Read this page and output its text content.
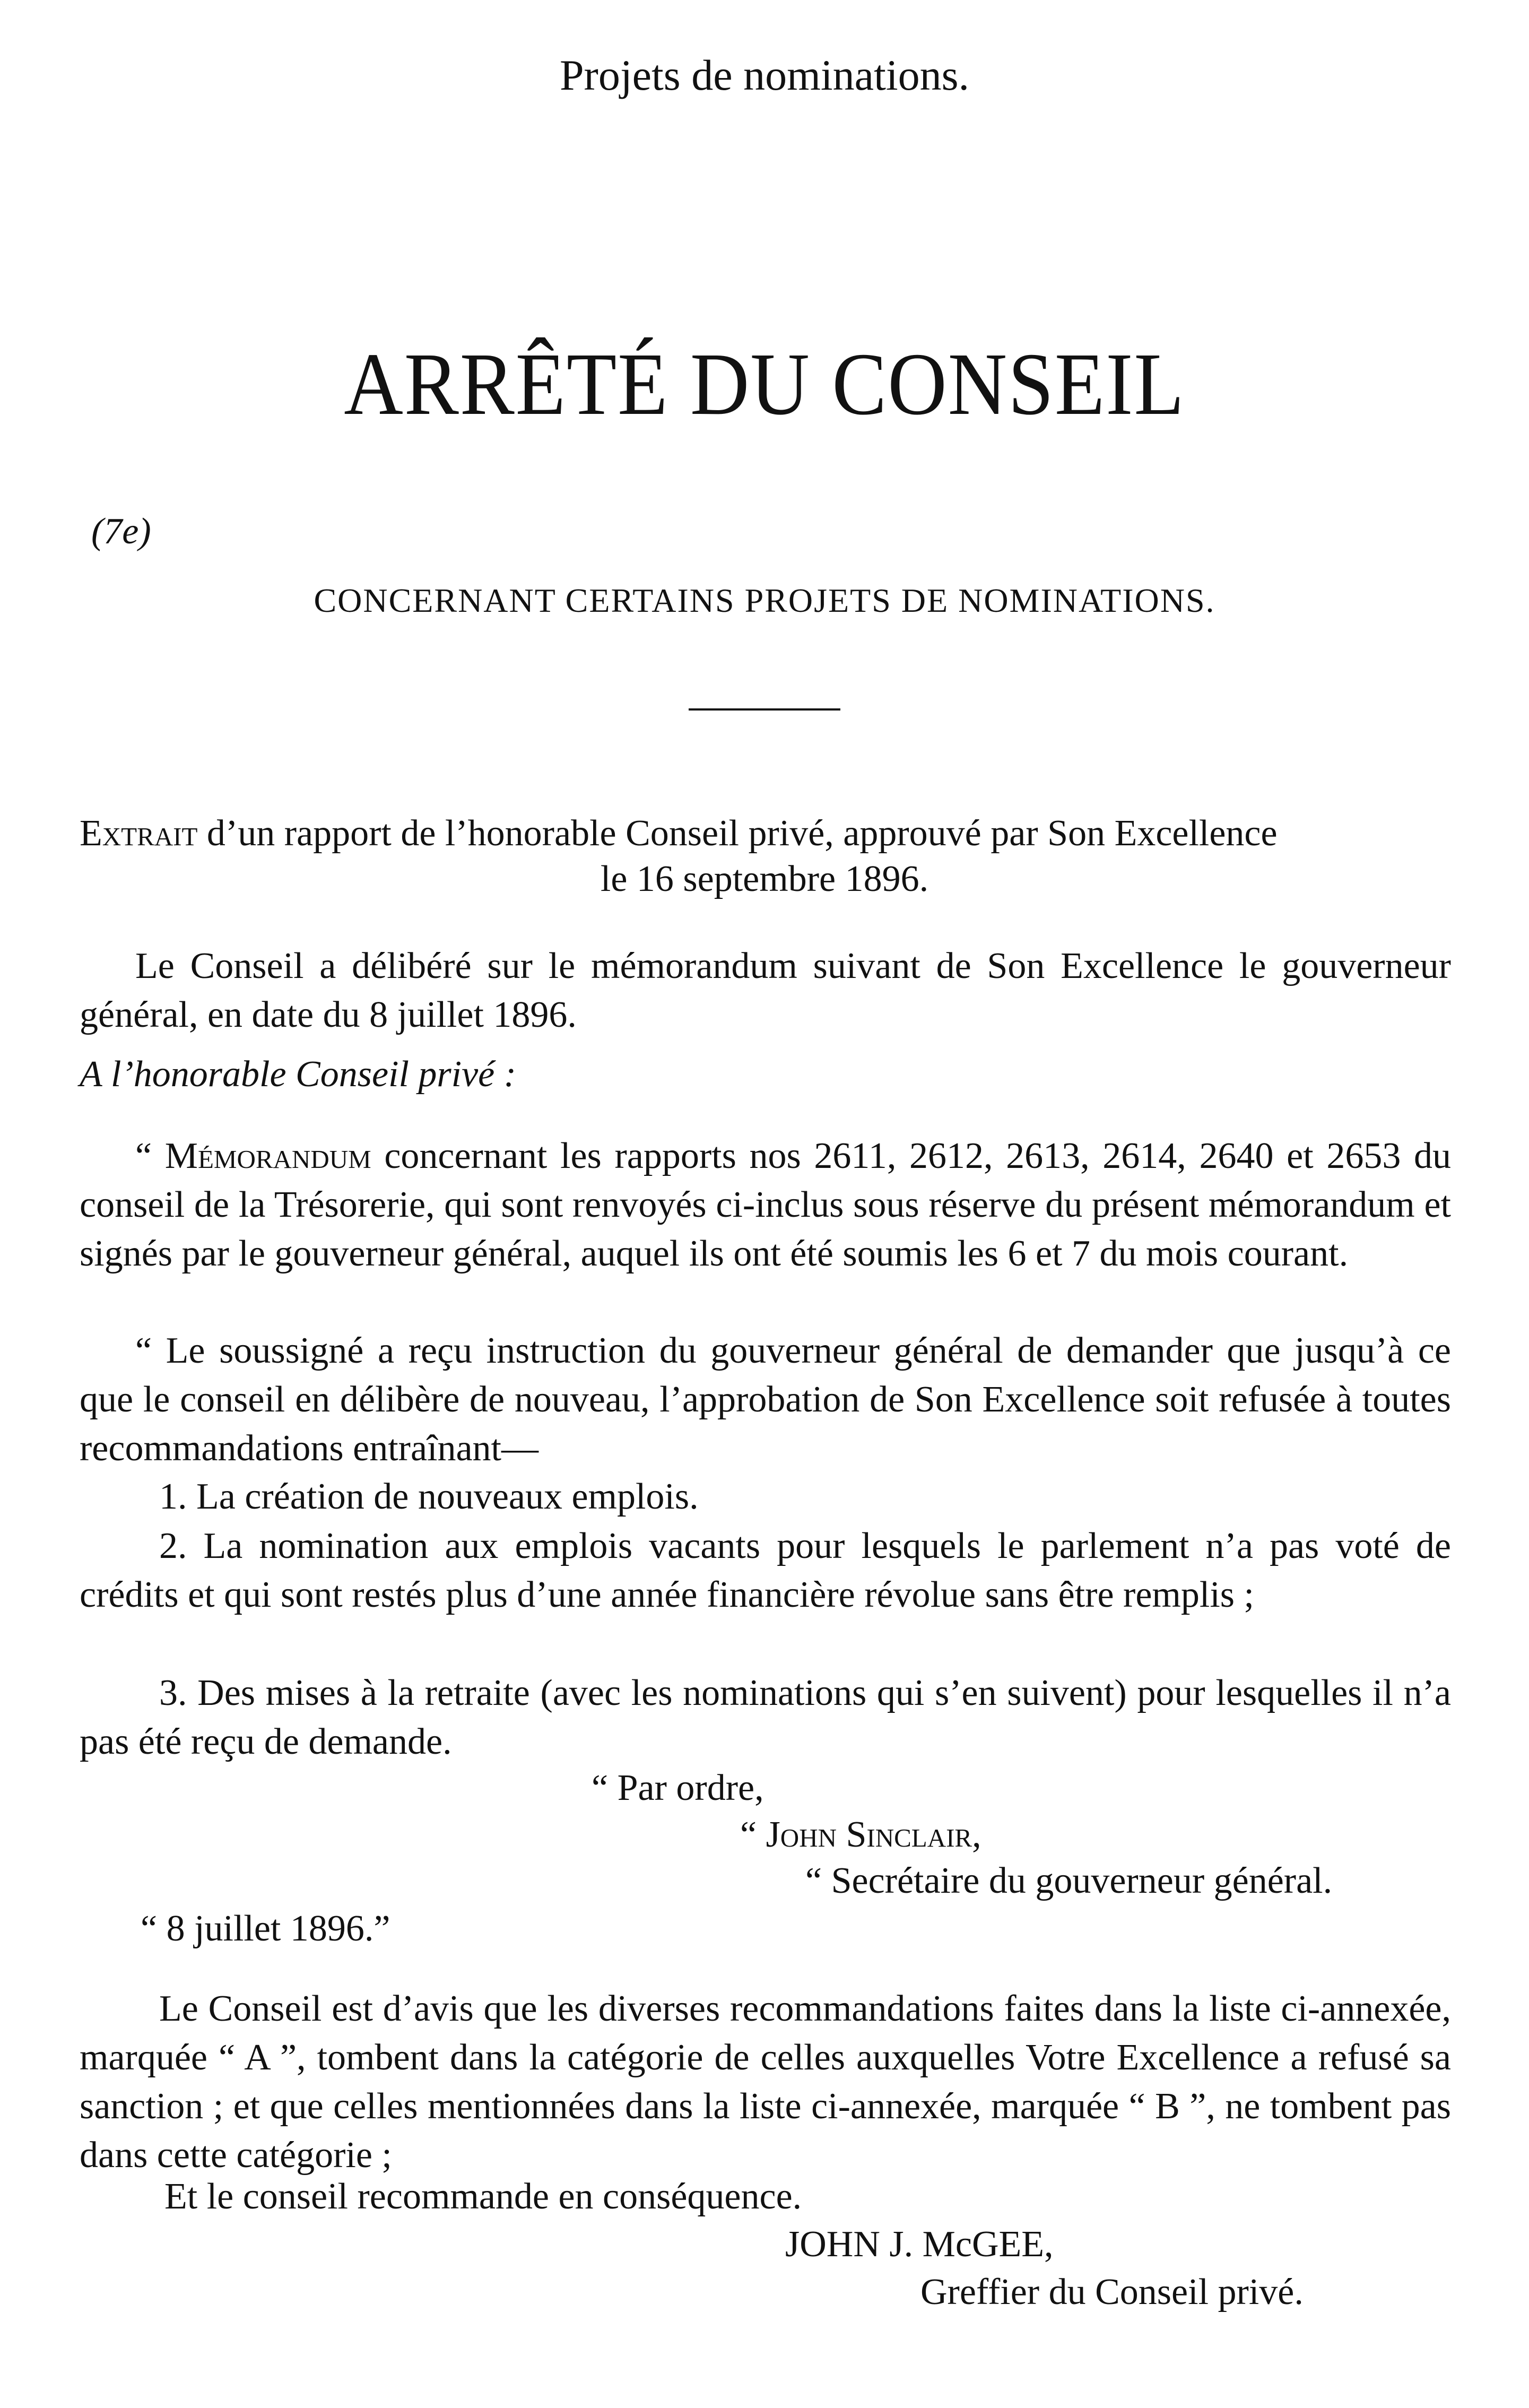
Projets de nominations.
ARRÊTÉ DU CONSEIL
(7e)
CONCERNANT CERTAINS PROJETS DE NOMINATIONS.
Extrait d’un rapport de l’honorable Conseil privé, approuvé par Son Excellence
le 16 septembre 1896.
Le Conseil a délibéré sur le mémorandum suivant de Son Excellence le gouverneur général, en date du 8 juillet 1896.
A l’honorable Conseil privé :
“ Mémorandum concernant les rapports nos 2611, 2612, 2613, 2614, 2640 et 2653 du conseil de la Trésorerie, qui sont renvoyés ci-inclus sous réserve du présent mémorandum et signés par le gouverneur général, auquel ils ont été soumis les 6 et 7 du mois courant.
“ Le soussigné a reçu instruction du gouverneur général de demander que jusqu’à ce que le conseil en délibère de nouveau, l’approbation de Son Excellence soit refusée à toutes recommandations entraînant—
1. La création de nouveaux emplois.
2. La nomination aux emplois vacants pour lesquels le parlement n’a pas voté de crédits et qui sont restés plus d’une année financière révolue sans être remplis ;
3. Des mises à la retraite (avec les nominations qui s’en suivent) pour lesquelles il n’a pas été reçu de demande.
“ Par ordre,
“ John Sinclair,
“ Secrétaire du gouverneur général.
“ 8 juillet 1896.”
Le Conseil est d’avis que les diverses recommandations faites dans la liste ci-annexée, marquée “ A ”, tombent dans la catégorie de celles auxquelles Votre Excellence a refusé sa sanction ; et que celles mentionnées dans la liste ci-annexée, marquée “ B ”, ne tombent pas dans cette catégorie ;
Et le conseil recommande en conséquence.
JOHN J. McGEE,
Greffier du Conseil privé.
